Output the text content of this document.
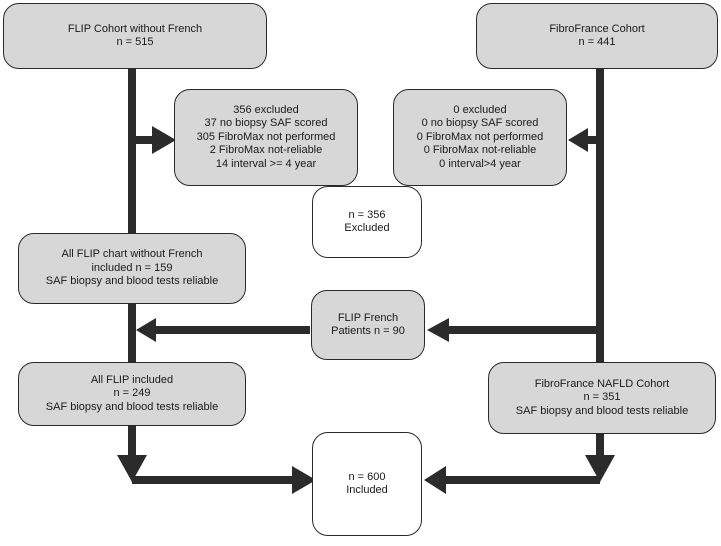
FLIP Cohort without French
n = 515
FibroFrance Cohort
n = 441
356 excluded
37 no biopsy SAF scored
305 FibroMax not performed
2 FibroMax not-reliable
14 interval >= 4 year
0 excluded
0 no biopsy SAF scored
0 FibroMax not performed
0 FibroMax not-reliable
0 interval>4 year
n = 356
Excluded
All FLIP chart without French
included n = 159
SAF biopsy and blood tests reliable
FLIP French
Patients n = 90
All FLIP included
n = 249
SAF biopsy and blood tests reliable
FibroFrance NAFLD Cohort
n = 351
SAF biopsy and blood tests reliable
n = 600
Included
